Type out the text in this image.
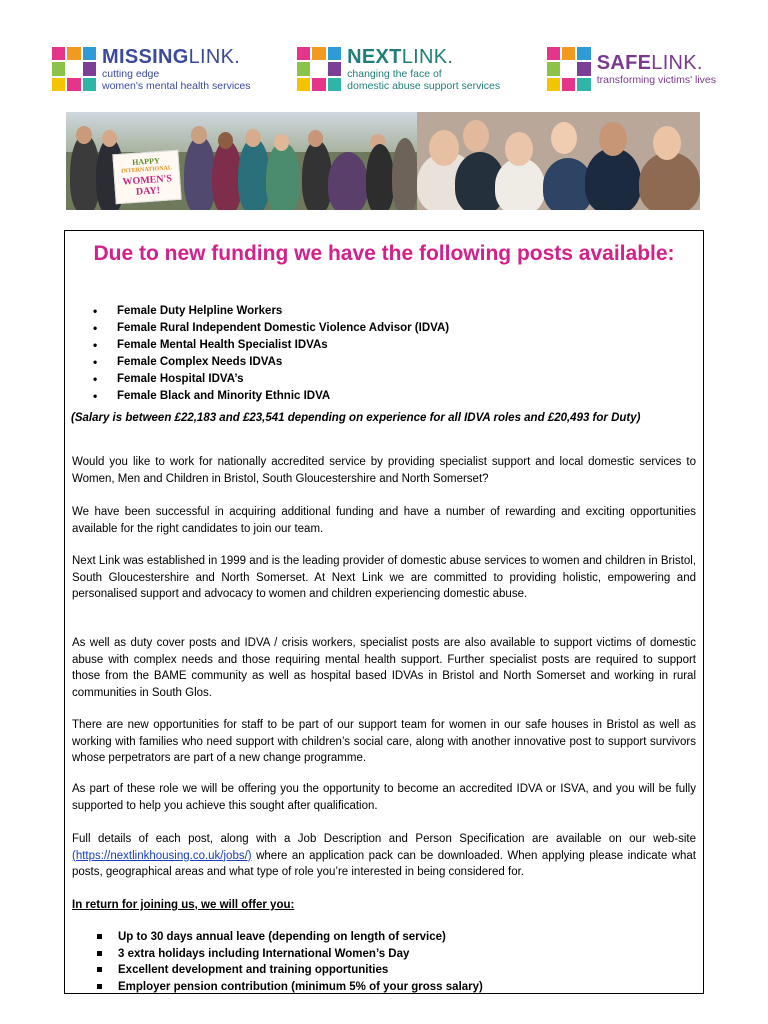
MISSINGLINK.
cutting edge
women's mental health services
NEXTLINK.
changing the face of
domestic abuse support services
SAFELINK.
transforming victims' lives
HAPPY
INTERNATIONAL
WOMEN'S
DAY!
Due to new funding we have the following posts available:
• Female Duty Helpline Workers
• Female Rural Independent Domestic Violence Advisor (IDVA)
• Female Mental Health Specialist IDVAs
• Female Complex Needs IDVAs
• Female Hospital IDVA’s
• Female Black and Minority Ethnic IDVA
(Salary is between £22,183 and £23,541 depending on experience for all IDVA roles and £20,493 for Duty)

Would you like to work for nationally accredited service by providing specialist support and local domestic services to Women, Men and Children in Bristol, South Gloucestershire and North Somerset?

We have been successful in acquiring additional funding and have a number of rewarding and exciting opportunities available for the right candidates to join our team.

Next Link was established in 1999 and is the leading provider of domestic abuse services to women and children in Bristol, South Gloucestershire and North Somerset. At Next Link we are committed to providing holistic, empowering and personalised support and advocacy to women and children experiencing domestic abuse.

As well as duty cover posts and IDVA / crisis workers, specialist posts are also available to support victims of domestic abuse with complex needs and those requiring mental health support. Further specialist posts are required to support those from the BAME community as well as hospital based IDVAs in Bristol and North Somerset and working in rural communities in South Glos.

There are new opportunities for staff to be part of our support team for women in our safe houses in Bristol as well as working with families who need support with children’s social care, along with another innovative post to support survivors whose perpetrators are part of a new change programme.

As part of these role we will be offering you the opportunity to become an accredited IDVA or ISVA, and you will be fully supported to help you achieve this sought after qualification.

Full details of each post, along with a Job Description and Person Specification are available on our web-site (https://nextlinkhousing.co.uk/jobs/) where an application pack can be downloaded. When applying please indicate what posts, geographical areas and what type of role you’re interested in being considered for.

In return for joining us, we will offer you:
Up to 30 days annual leave (depending on length of service)
3 extra holidays including International Women’s Day
Excellent development and training opportunities
Employer pension contribution (minimum 5% of your gross salary)
